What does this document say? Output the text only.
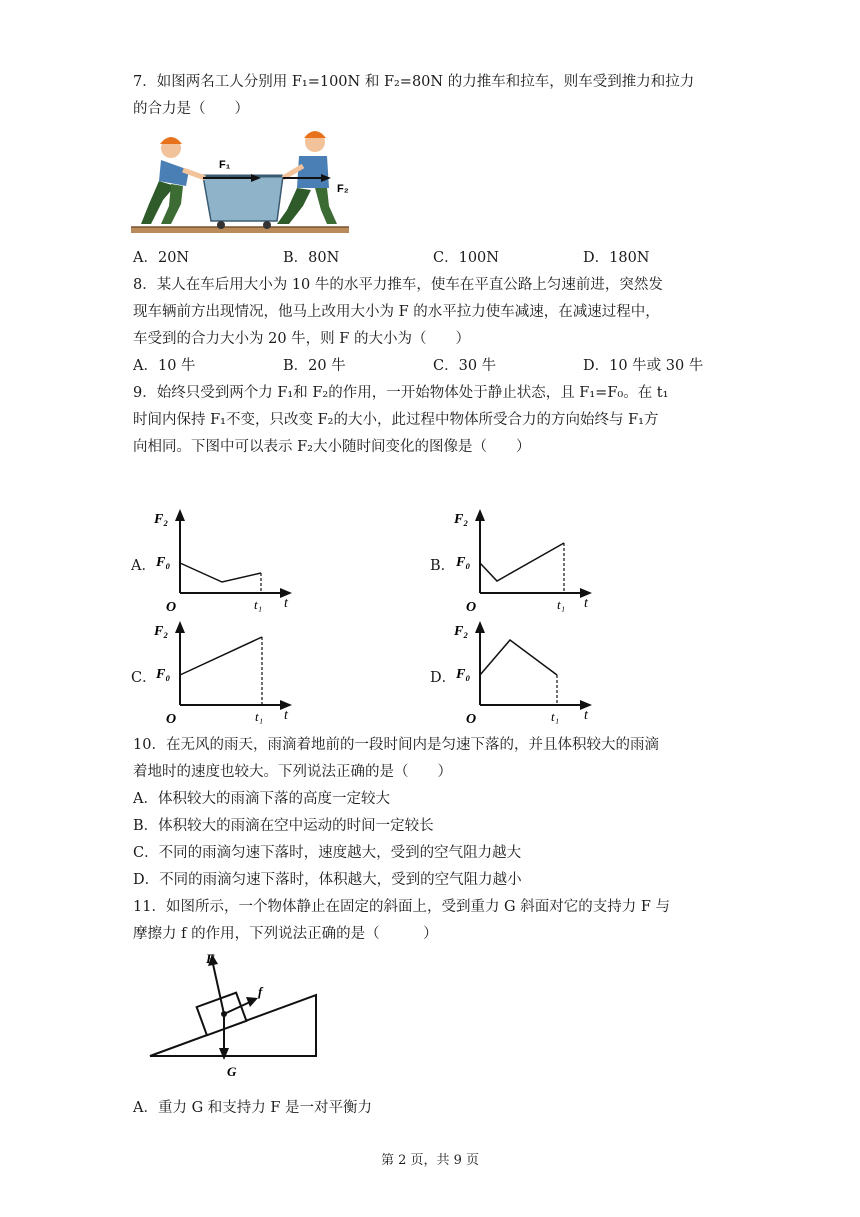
7．如图两名工人分别用 F₁=100N 和 F₂=80N 的力推车和拉车，则车受到推力和拉力
的合力是（　　）
F₁
F₂
A．20N	B．80N	C．100N	D．180N
8．某人在车后用大小为 10 牛的水平力推车，使车在平直公路上匀速前进，突然发
现车辆前方出现情况，他马上改用大小为 F 的水平拉力使车减速，在减速过程中，
车受到的合力大小为 20 牛，则 F 的大小为（　　）
A．10 牛	B．20 牛	C．30 牛	D．10 牛或 30 牛
9．始终只受到两个力 F₁和 F₂的作用，一开始物体处于静止状态，且 F₁=F₀。在 t₁
时间内保持 F₁不变，只改变 F₂的大小，此过程中物体所受合力的方向始终与 F₁方
向相同。下图中可以表示 F₂大小随时间变化的图像是（　　）
A．	B．
C．	D．
F₂
F₀
O	t₁ t
F₂
F₀
O	t₁ t
F₂
F₀
O	t₁ t
F₂
F₀
O	t₁ t
10．在无风的雨天，雨滴着地前的一段时间内是匀速下落的，并且体积较大的雨滴
着地时的速度也较大。下列说法正确的是（　　）
A．体积较大的雨滴下落的高度一定较大
B．体积较大的雨滴在空中运动的时间一定较长
C．不同的雨滴匀速下落时，速度越大，受到的空气阻力越大
D．不同的雨滴匀速下落时，体积越大，受到的空气阻力越小
11．如图所示，一个物体静止在固定的斜面上，受到重力 G 斜面对它的支持力 F 与
摩擦力 f 的作用，下列说法正确的是（　　　）
F
f
G
A．重力 G 和支持力 F 是一对平衡力
第 2 页，共 9 页
